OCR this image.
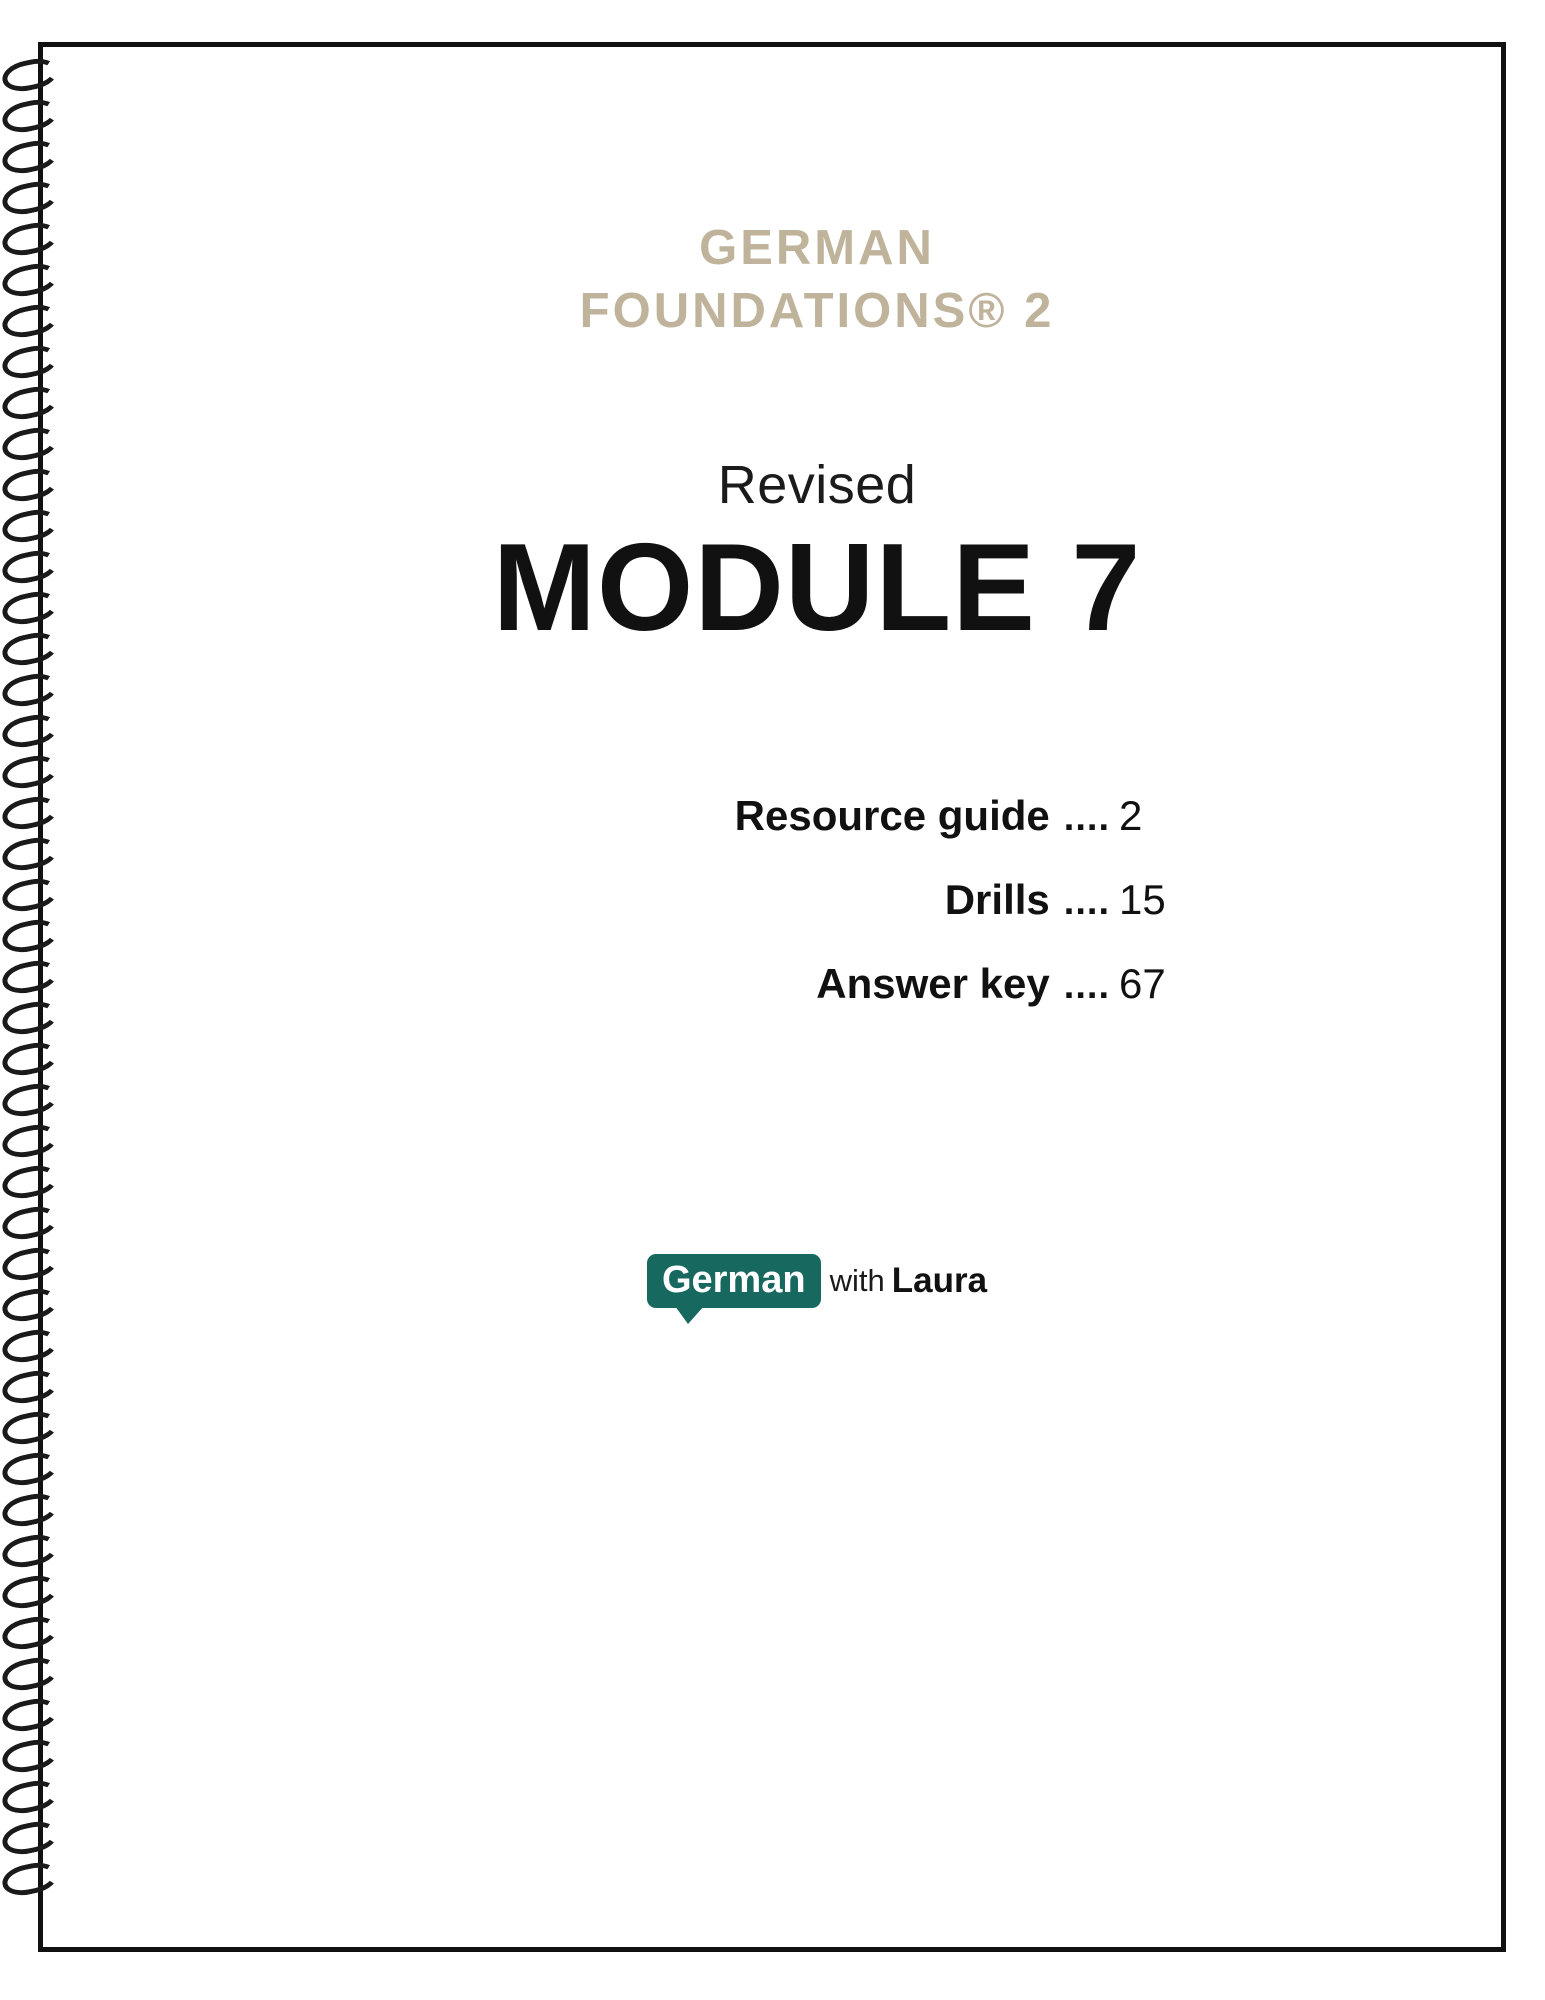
GERMAN
FOUNDATIONS® 2
Revised
MODULE 7
Resource guide .... 2
Drills .... 15
Answer key .... 67
German with Laura
